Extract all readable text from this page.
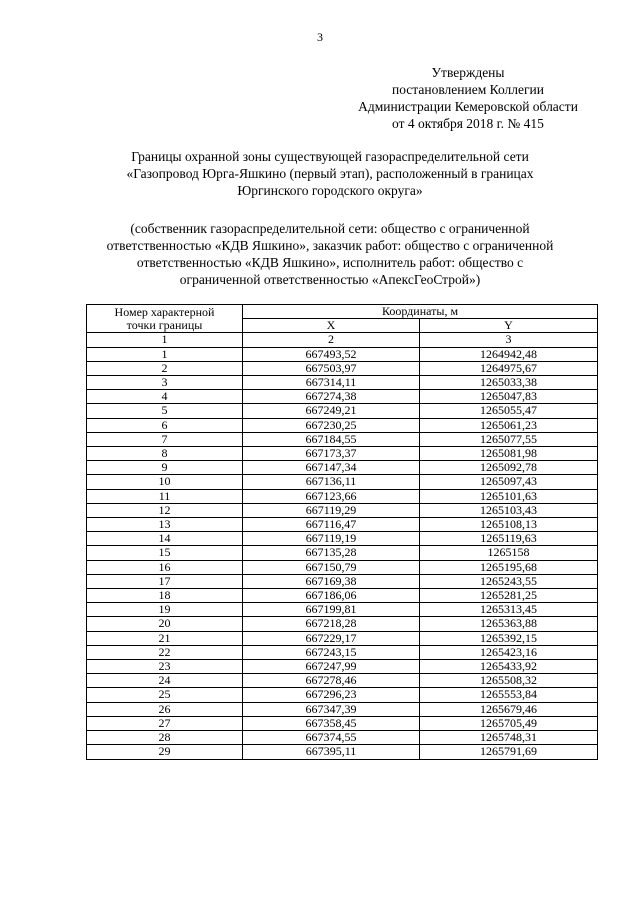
3
Утверждены
постановлением Коллегии
Администрации Кемеровской области
от 4 октября 2018 г. № 415
Границы охранной зоны существующей газораспределительной сети
«Газопровод Юрга-Яшкино (первый этап), расположенный в границах
Юргинского городского округа»
(собственник газораспределительной сети: общество с ограниченной
ответственностью «КДВ Яшкино», заказчик работ: общество с ограниченной
ответственностью «КДВ Яшкино», исполнитель работ: общество с
ограниченной ответственностью «АпексГеоСтрой»)
Номер характерной
точки границы	Координаты, м	
	X	Y
1	2	3
1	667493,52	1264942,48
2	667503,97	1264975,67
3	667314,11	1265033,38
4	667274,38	1265047,83
5	667249,21	1265055,47
6	667230,25	1265061,23
7	667184,55	1265077,55
8	667173,37	1265081,98
9	667147,34	1265092,78
10	667136,11	1265097,43
11	667123,66	1265101,63
12	667119,29	1265103,43
13	667116,47	1265108,13
14	667119,19	1265119,63
15	667135,28	1265158
16	667150,79	1265195,68
17	667169,38	1265243,55
18	667186,06	1265281,25
19	667199,81	1265313,45
20	667218,28	1265363,88
21	667229,17	1265392,15
22	667243,15	1265423,16
23	667247,99	1265433,92
24	667278,46	1265508,32
25	667296,23	1265553,84
26	667347,39	1265679,46
27	667358,45	1265705,49
28	667374,55	1265748,31
29	667395,11	1265791,69
